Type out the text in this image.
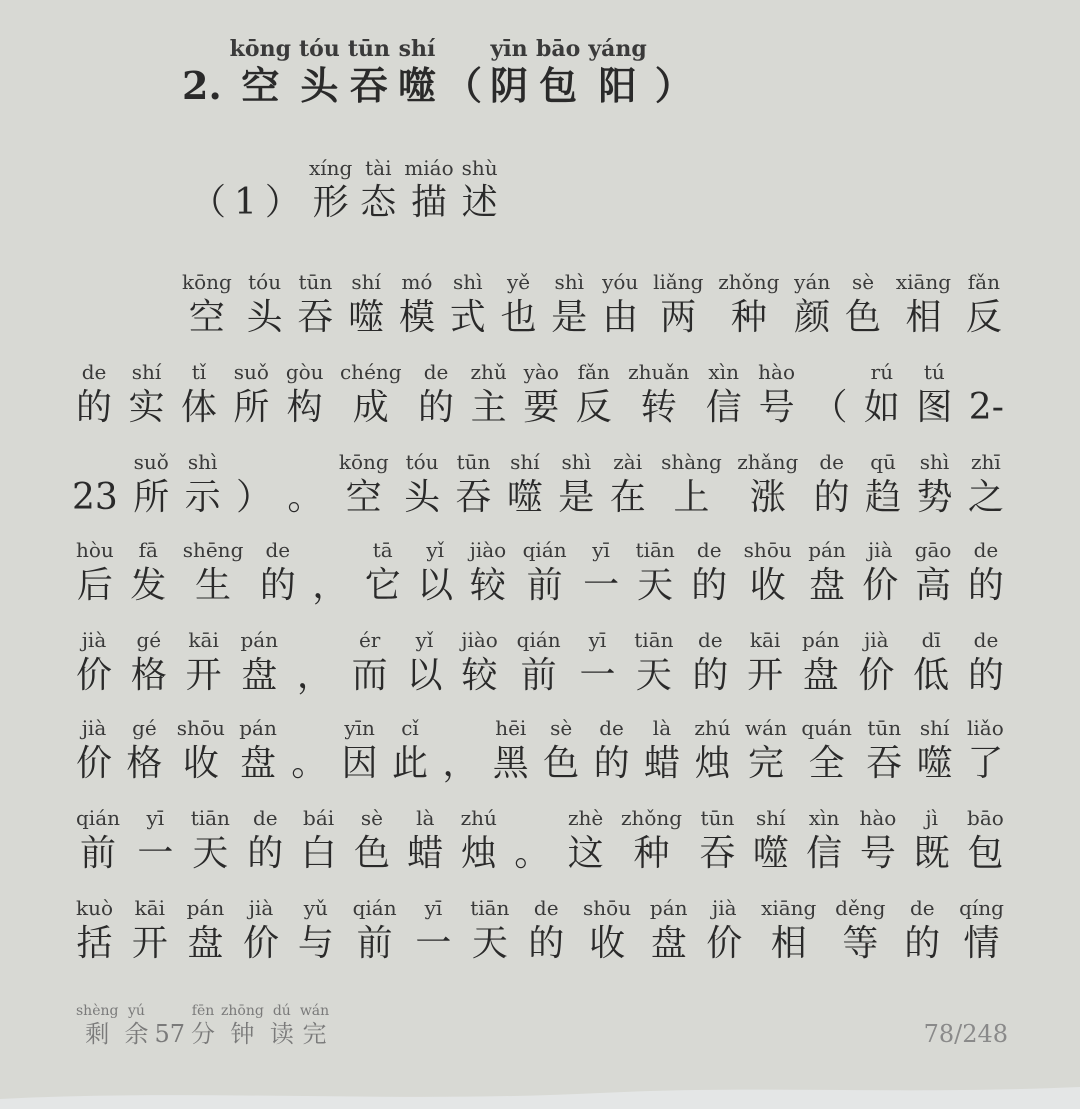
2.
kōng
空
tóu
头
tūn
吞
shí
噬 （
yīn
阴
bāo
包
yáng
阳 ）
（ 1 ）
xíng
形
tài
态
miáo
描
shù
述
kōng
空
tóu
头
tūn
吞
shí
噬
mó
模
shì
式
yě
也
shì
是
yóu
由
liǎng
两
zhǒng
种
yán
颜
sè
色
xiāng
相
fǎn
反
de
的
shí
实
tǐ
体
suǒ
所
gòu
构
chéng
成
de
的
zhǔ
主
yào
要
fǎn
反
zhuǎn
转
xìn
信
hào
号 （
rú
如
tú
图 2-
23
suǒ
所
shì
示 ） 。
kōng
空
tóu
头
tūn
吞
shí
噬
shì
是
zài
在
shàng
上
zhǎng
涨
de
的
qū
趋
shì
势
zhī
之
hòu
后
fā
发
shēng
生
de
的 ，
tā
它
yǐ
以
jiào
较
qián
前
yī
一
tiān
天
de
的
shōu
收
pán
盘
jià
价
gāo
高
de
的
jià
价
gé
格
kāi
开
pán
盘 ，
ér
而
yǐ
以
jiào
较
qián
前
yī
一
tiān
天
de
的
kāi
开
pán
盘
jià
价
dī
低
de
的
jià
价
gé
格
shōu
收
pán
盘 。
yīn
因
cǐ
此 ，
hēi
黑
sè
色
de
的
là
蜡
zhú
烛
wán
完
quán
全
tūn
吞
shí
噬
liǎo
了
qián
前
yī
一
tiān
天
de
的
bái
白
sè
色
là
蜡
zhú
烛 。
zhè
这
zhǒng
种
tūn
吞
shí
噬
xìn
信
hào
号
jì
既
bāo
包
kuò
括
kāi
开
pán
盘
jià
价
yǔ
与
qián
前
yī
一
tiān
天
de
的
shōu
收
pán
盘
jià
价
xiāng
相
děng
等
de
的
qíng
情
shèng
剩
yú
余 57
fēn
分
zhōng
钟
dú
读
wán
完	78/248
